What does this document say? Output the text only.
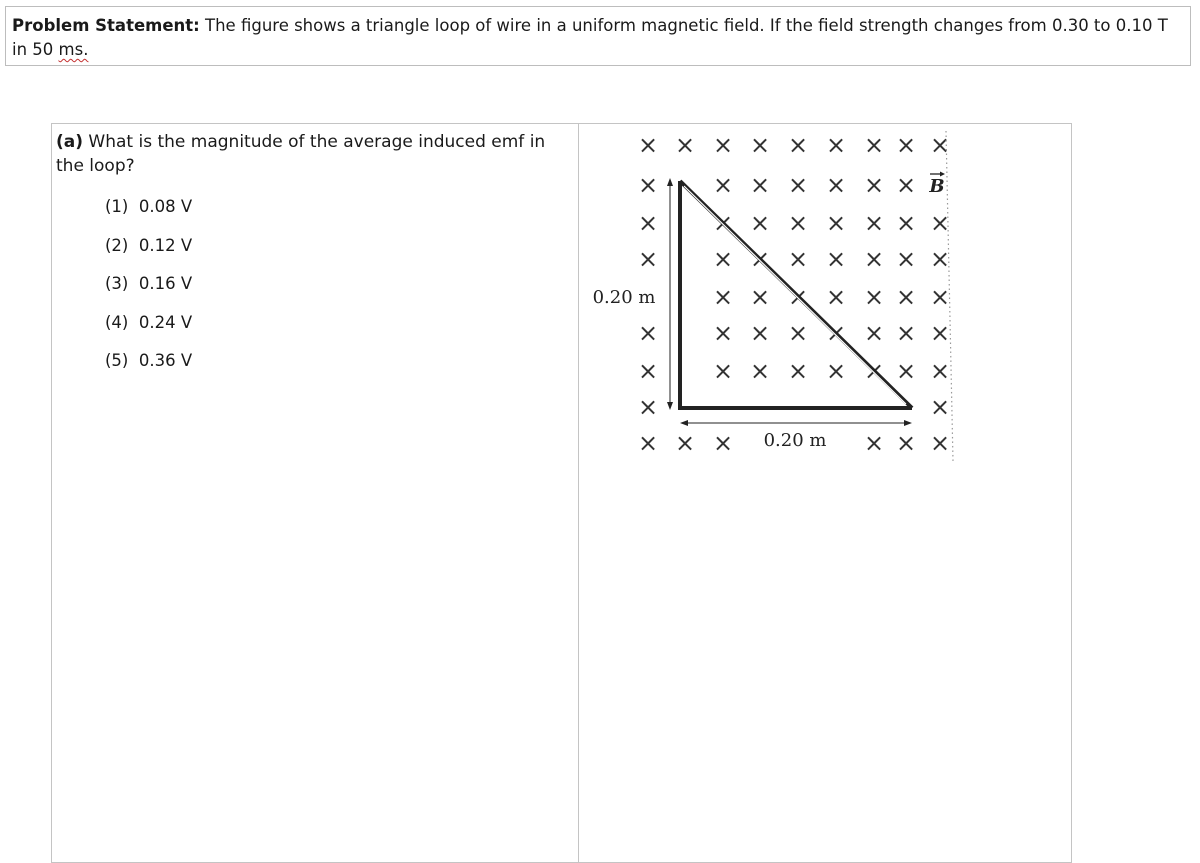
Problem Statement: The figure shows a triangle loop of wire in a uniform magnetic field. If the field strength changes from 0.30 to 0.10 T
in 50 ms.
(a) What is the magnitude of the average induced emf in the loop?
(1) 0.08 V
(2) 0.12 V
(3) 0.16 V
(4) 0.24 V
(5) 0.36 V
× × × × × × × × ×
× × × × × × ×
× × × × × × × ×
× × × × × × × ×
× × × × × × ×
× × × × × × × ×
× × × × × × × ×
×	×
× × ×	× × ×
0.20 m
0.20 m
B
